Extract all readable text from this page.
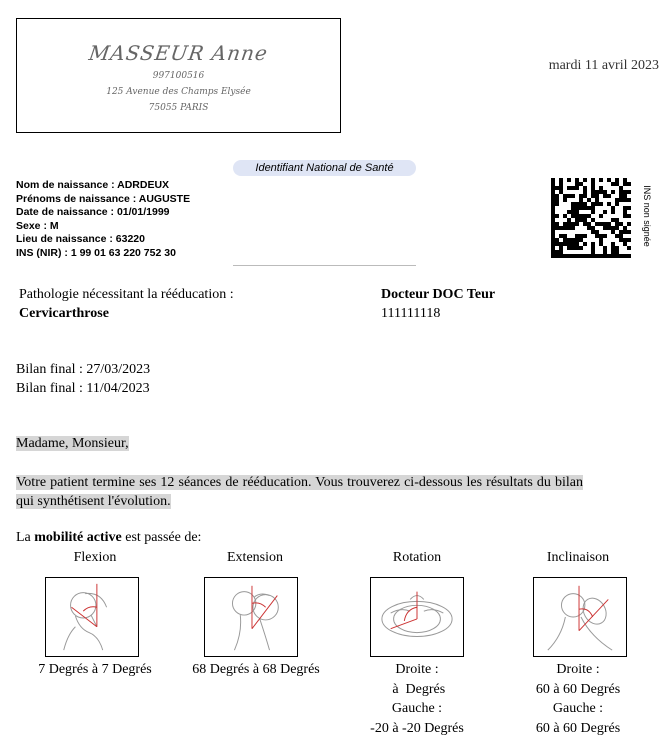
MASSEUR Anne
997100516
125 Avenue des Champs Elysée
75055 PARIS
mardi 11 avril 2023
Identifiant National de Santé
Nom de naissance : ADRDEUX
Prénoms de naissance : AUGUSTE
Date de naissance : 01/01/1999
Sexe : M
Lieu de naissance : 63220
INS (NIR) : 1 99 01 63 220 752 30
INS non signée
Pathologie nécessitant la rééducation :
Cervicarthrose
Docteur DOC Teur
111111118
Bilan final : 27/03/2023
Bilan final : 11/04/2023
Madame, Monsieur,
Votre patient termine ses 12 séances de rééducation. Vous trouverez ci-dessous les résultats du bilan qui synthétisent l'évolution.
La mobilité active est passée de:
Flexion
7 Degrés à 7 Degrés
Extension
68 Degrés à 68 Degrés
Rotation
Droite :
à  Degrés
Gauche :
-20 à -20 Degrés
Inclinaison
Droite :
60 à 60 Degrés
Gauche :
60 à 60 Degrés
